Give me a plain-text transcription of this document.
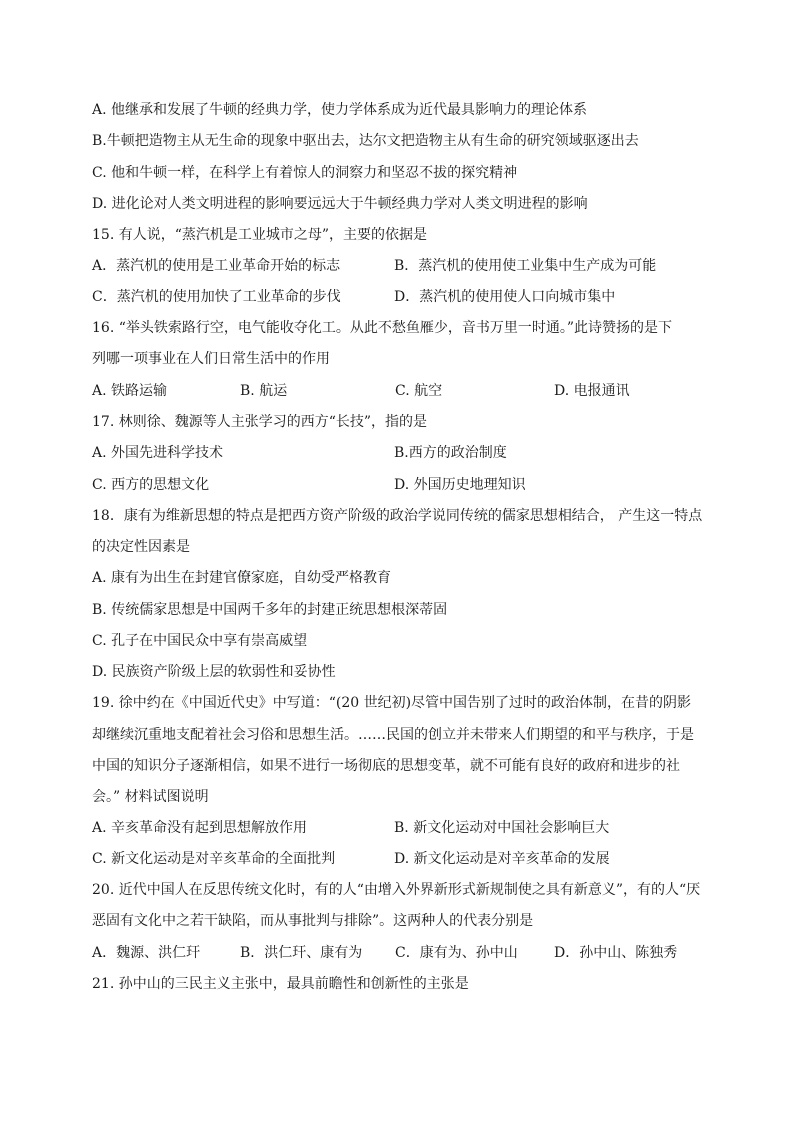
A. 他继承和发展了牛顿的经典力学，使力学体系成为近代最具影响力的理论体系
B.牛顿把造物主从无生命的现象中驱出去，达尔文把造物主从有生命的研究领域驱逐出去
C. 他和牛顿一样，在科学上有着惊人的洞察力和坚忍不拔的探究精神
D. 进化论对人类文明进程的影响要远远大于牛顿经典力学对人类文明进程的影响
15. 有人说，“蒸汽机是工业城市之母”，主要的依据是
A．蒸汽机的使用是工业革命开始的标志	B．蒸汽机的使用使工业集中生产成为可能
C．蒸汽机的使用加快了工业革命的步伐	D．蒸汽机的使用使人口向城市集中
16. “举头铁索路行空，电气能收夺化工。从此不愁鱼雁少，音书万里一时通。”此诗赞扬的是下
列哪一项事业在人们日常生活中的作用
A. 铁路运输	B. 航运	C. 航空	D. 电报通讯
17. 林则徐、魏源等人主张学习的西方“长技”，指的是
A. 外国先进科学技术	B.西方的政治制度
C. 西方的思想文化	D. 外国历史地理知识
18．康有为维新思想的特点是把西方资产阶级的政治学说同传统的儒家思想相结合， 产生这一特点
的决定性因素是
A. 康有为出生在封建官僚家庭，自幼受严格教育
B. 传统儒家思想是中国两千多年的封建正统思想根深蒂固
C. 孔子在中国民众中享有崇高威望
D. 民族资产阶级上层的软弱性和妥协性
19. 徐中约在《中国近代史》中写道：“(20 世纪初)尽管中国告别了过时的政治体制，在昔的阴影
却继续沉重地支配着社会习俗和思想生活。……民国的创立并未带来人们期望的和平与秩序，于是
中国的知识分子逐渐相信，如果不进行一场彻底的思想变革，就不可能有良好的政府和进步的社
会。” 材料试图说明
A. 辛亥革命没有起到思想解放作用	B. 新文化运动对中国社会影响巨大
C. 新文化运动是对辛亥革命的全面批判	D. 新文化运动是对辛亥革命的发展
20. 近代中国人在反思传统文化时，有的人“由增入外界新形式新规制使之具有新意义”，有的人“厌
恶固有文化中之若干缺陷，而从事批判与排除”。这两种人的代表分别是
A．魏源、洪仁玕	B．洪仁玕、康有为 C．康有为、孙中山	D．孙中山、陈独秀
21. 孙中山的三民主义主张中，最具前瞻性和创新性的主张是
